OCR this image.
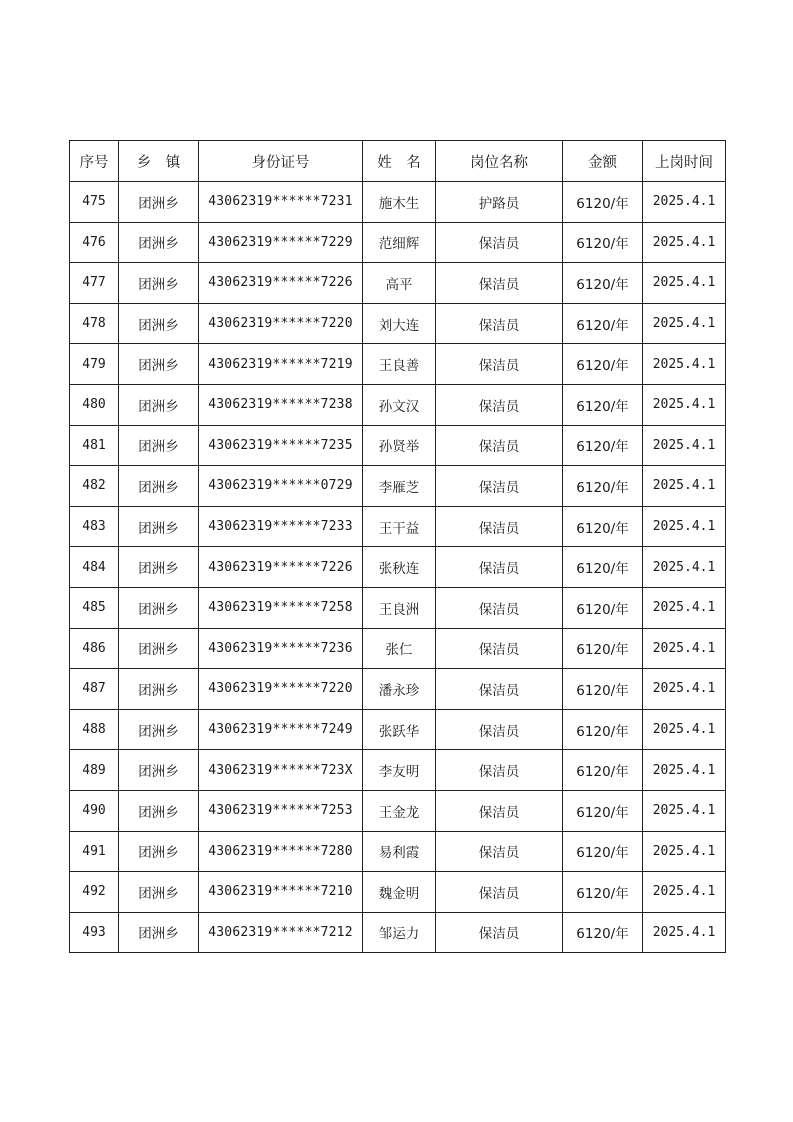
序号	乡　镇	身份证号	姓　名	岗位名称	金额	上岗时间
475	团洲乡	43062319******7231	施木生	护路员	6120/年	2025.4.1
476	团洲乡	43062319******7229	范细辉	保洁员	6120/年	2025.4.1
477	团洲乡	43062319******7226	高平	保洁员	6120/年	2025.4.1
478	团洲乡	43062319******7220	刘大连	保洁员	6120/年	2025.4.1
479	团洲乡	43062319******7219	王良善	保洁员	6120/年	2025.4.1
480	团洲乡	43062319******7238	孙文汉	保洁员	6120/年	2025.4.1
481	团洲乡	43062319******7235	孙贤举	保洁员	6120/年	2025.4.1
482	团洲乡	43062319******0729	李雁芝	保洁员	6120/年	2025.4.1
483	团洲乡	43062319******7233	王干益	保洁员	6120/年	2025.4.1
484	团洲乡	43062319******7226	张秋连	保洁员	6120/年	2025.4.1
485	团洲乡	43062319******7258	王良洲	保洁员	6120/年	2025.4.1
486	团洲乡	43062319******7236	张仁	保洁员	6120/年	2025.4.1
487	团洲乡	43062319******7220	潘永珍	保洁员	6120/年	2025.4.1
488	团洲乡	43062319******7249	张跃华	保洁员	6120/年	2025.4.1
489	团洲乡	43062319******723X	李友明	保洁员	6120/年	2025.4.1
490	团洲乡	43062319******7253	王金龙	保洁员	6120/年	2025.4.1
491	团洲乡	43062319******7280	易利霞	保洁员	6120/年	2025.4.1
492	团洲乡	43062319******7210	魏金明	保洁员	6120/年	2025.4.1
493	团洲乡	43062319******7212	邹运力	保洁员	6120/年	2025.4.1
